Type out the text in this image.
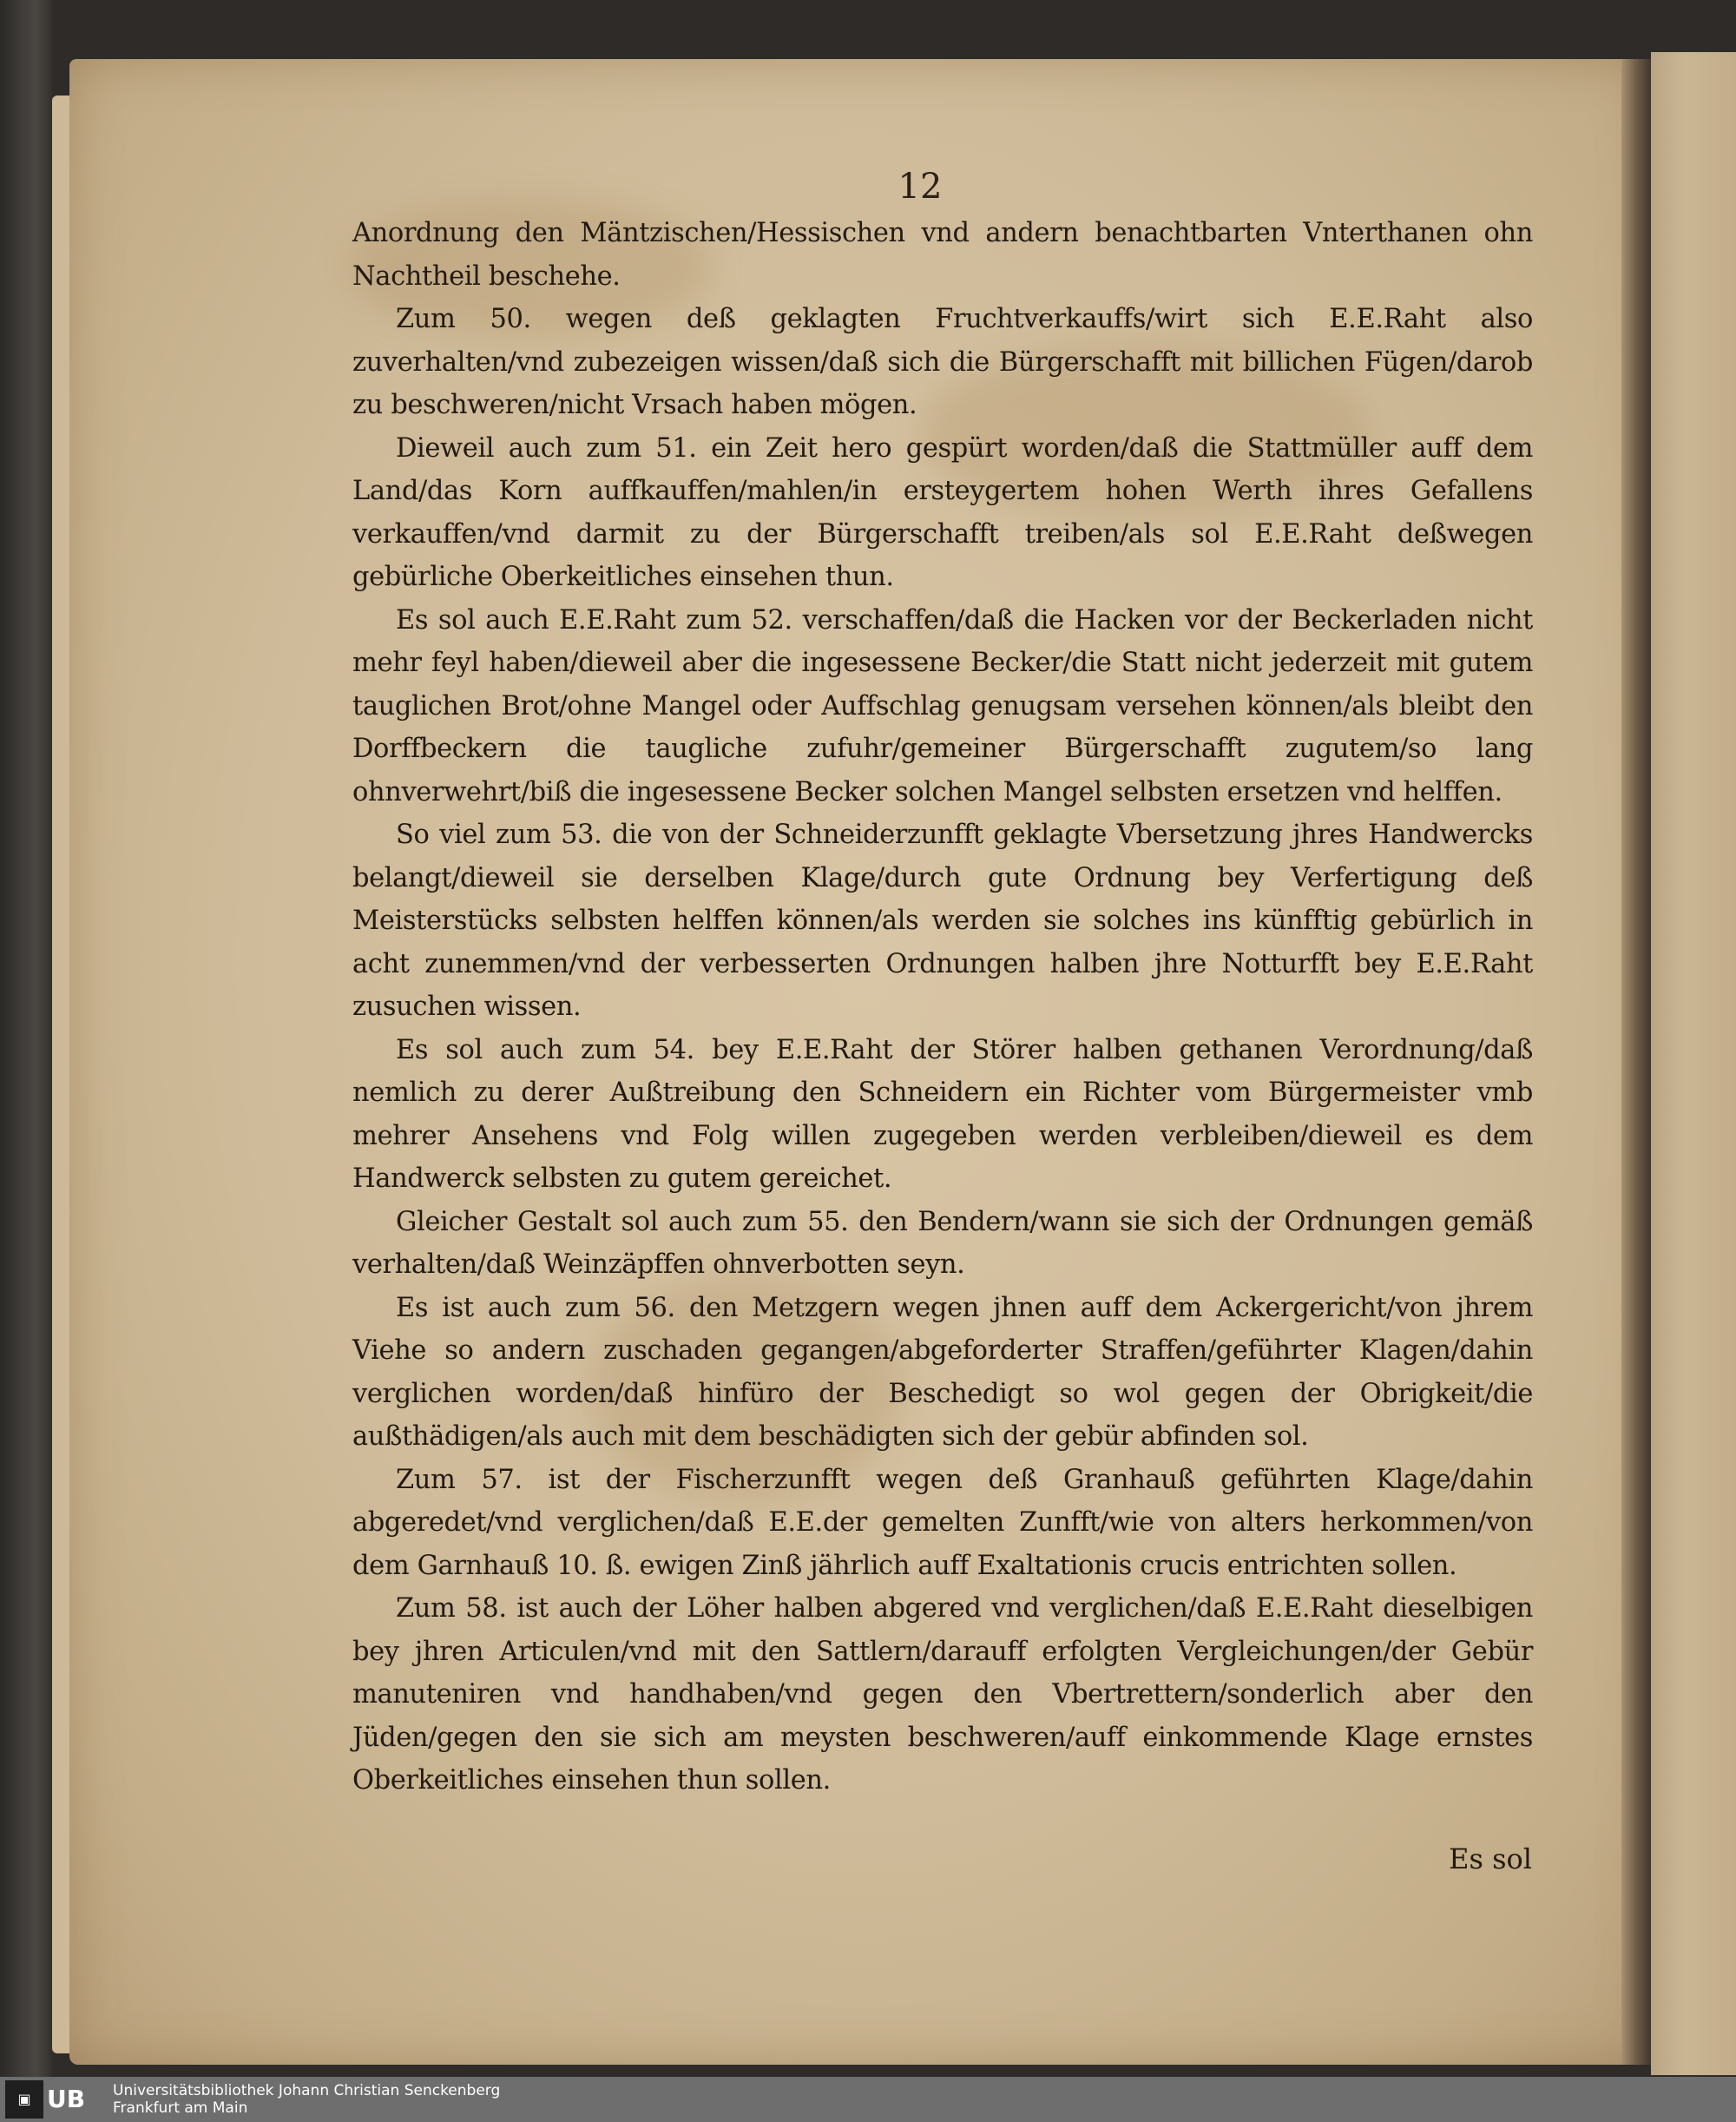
12

Anordnung den Mäntzischen/Hessischen vnd andern benachtbarten Vnterthanen ohn Nachtheil beschehe.

Zum 50. wegen deß geklagten Fruchtverkauffs/wirt sich E.E.Raht also zuverhalten/vnd zubezeigen wissen/daß sich die Bürgerschafft mit billichen Fügen/darob zu beschweren/nicht Vrsach haben mögen.

Dieweil auch zum 51. ein Zeit hero gespürt worden/daß die Stattmüller auff dem Land/das Korn auffkauffen/mahlen/in ersteygertem hohen Werth ihres Gefallens verkauffen/vnd darmit zu der Bürgerschafft treiben/als sol E.E.Raht deßwegen gebürliche Oberkeitliches einsehen thun.

Es sol auch E.E.Raht zum 52. verschaffen/daß die Hacken vor der Beckerladen nicht mehr feyl haben/dieweil aber die ingesessene Becker/die Statt nicht jederzeit mit gutem tauglichen Brot/ohne Mangel oder Auffschlag genugsam versehen können/als bleibt den Dorffbeckern die taugliche zufuhr/gemeiner Bürgerschafft zugutem/so lang ohnverwehrt/biß die ingesessene Becker solchen Mangel selbsten ersetzen vnd helffen.

So viel zum 53. die von der Schneiderzunfft geklagte Vbersetzung jhres Handwercks belangt/dieweil sie derselben Klage/durch gute Ordnung bey Verfertigung deß Meisterstücks selbsten helffen können/als werden sie solches ins künfftig gebürlich in acht zunemmen/vnd der verbesserten Ordnungen halben jhre Notturfft bey E.E.Raht zusuchen wissen.

Es sol auch zum 54. bey E.E.Raht der Störer halben gethanen Verordnung/daß nemlich zu derer Außtreibung den Schneidern ein Richter vom Bürgermeister vmb mehrer Ansehens vnd Folg willen zugegeben werden verbleiben/dieweil es dem Handwerck selbsten zu gutem gereichet.

Gleicher Gestalt sol auch zum 55. den Bendern/wann sie sich der Ordnungen gemäß verhalten/daß Weinzäpffen ohnverbotten seyn.

Es ist auch zum 56. den Metzgern wegen jhnen auff dem Ackergericht/von jhrem Viehe so andern zuschaden gegangen/abgeforderter Straffen/geführter Klagen/dahin verglichen worden/daß hinfüro der Beschedigt so wol gegen der Obrigkeit/die außthädigen/als auch mit dem beschädigten sich der gebür abfinden sol.

Zum 57. ist der Fischerzunfft wegen deß Granhauß geführten Klage/dahin abgeredet/vnd verglichen/daß E.E.der gemelten Zunfft/wie von alters herkommen/von dem Garnhauß 10. ß. ewigen Zinß jährlich auff Exaltationis crucis entrichten sollen.

Zum 58. ist auch der Löher halben abgered vnd verglichen/daß E.E.Raht dieselbigen bey jhren Articulen/vnd mit den Sattlern/darauff erfolgten Vergleichungen/der Gebür manuteniren vnd handhaben/vnd gegen den Vbertrettern/sonderlich aber den Jüden/gegen den sie sich am meysten beschweren/auff einkommende Klage ernstes Oberkeitliches einsehen thun sollen.

Es sol
▣ UB	Universitätsbibliothek Johann Christian Senckenberg
Frankfurt am Main
